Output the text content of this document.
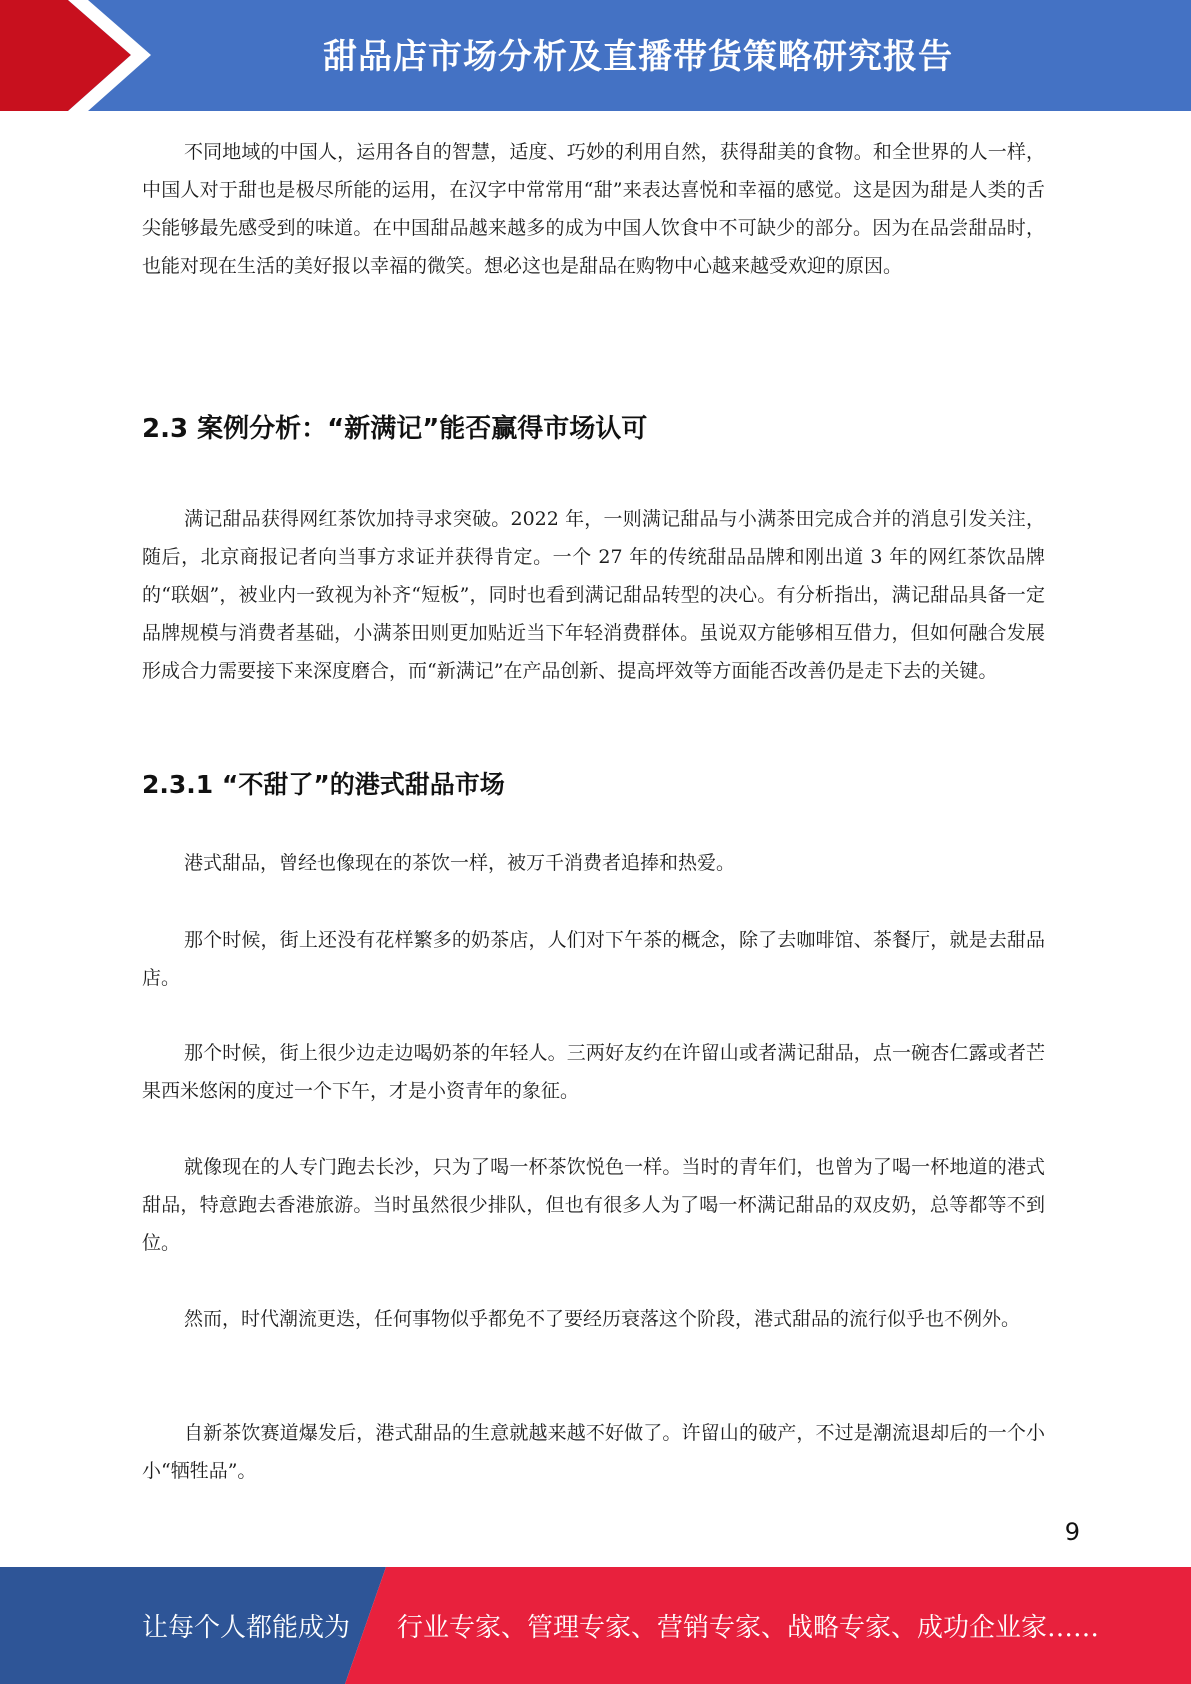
甜品店市场分析及直播带货策略研究报告

不同地域的中国人，运用各自的智慧，适度、巧妙的利用自然，获得甜美的食物。和全世界的人一样，中国人对于甜也是极尽所能的运用，在汉字中常常用“甜”来表达喜悦和幸福的感觉。这是因为甜是人类的舌尖能够最先感受到的味道。在中国甜品越来越多的成为中国人饮食中不可缺少的部分。因为在品尝甜品时，也能对现在生活的美好报以幸福的微笑。想必这也是甜品在购物中心越来越受欢迎的原因。

2.3 案例分析：“新满记”能否赢得市场认可

满记甜品获得网红茶饮加持寻求突破。2022 年，一则满记甜品与小满茶田完成合并的消息引发关注，随后，北京商报记者向当事方求证并获得肯定。一个 27 年的传统甜品品牌和刚出道 3 年的网红茶饮品牌的“联姻”，被业内一致视为补齐“短板”，同时也看到满记甜品转型的决心。有分析指出，满记甜品具备一定品牌规模与消费者基础，小满茶田则更加贴近当下年轻消费群体。虽说双方能够相互借力，但如何融合发展形成合力需要接下来深度磨合，而“新满记”在产品创新、提高坪效等方面能否改善仍是走下去的关键。

2.3.1 “不甜了”的港式甜品市场

港式甜品，曾经也像现在的茶饮一样，被万千消费者追捧和热爱。

那个时候，街上还没有花样繁多的奶茶店，人们对下午茶的概念，除了去咖啡馆、茶餐厅，就是去甜品店。

那个时候，街上很少边走边喝奶茶的年轻人。三两好友约在许留山或者满记甜品，点一碗杏仁露或者芒果西米悠闲的度过一个下午，才是小资青年的象征。

就像现在的人专门跑去长沙，只为了喝一杯茶饮悦色一样。当时的青年们，也曾为了喝一杯地道的港式甜品，特意跑去香港旅游。当时虽然很少排队，但也有很多人为了喝一杯满记甜品的双皮奶，总等都等不到位。

然而，时代潮流更迭，任何事物似乎都免不了要经历衰落这个阶段，港式甜品的流行似乎也不例外。

自新茶饮赛道爆发后，港式甜品的生意就越来越不好做了。许留山的破产，不过是潮流退却后的一个小小“牺牲品”。

9
让每个人都能成为 行业专家、管理专家、营销专家、战略专家、成功企业家……
